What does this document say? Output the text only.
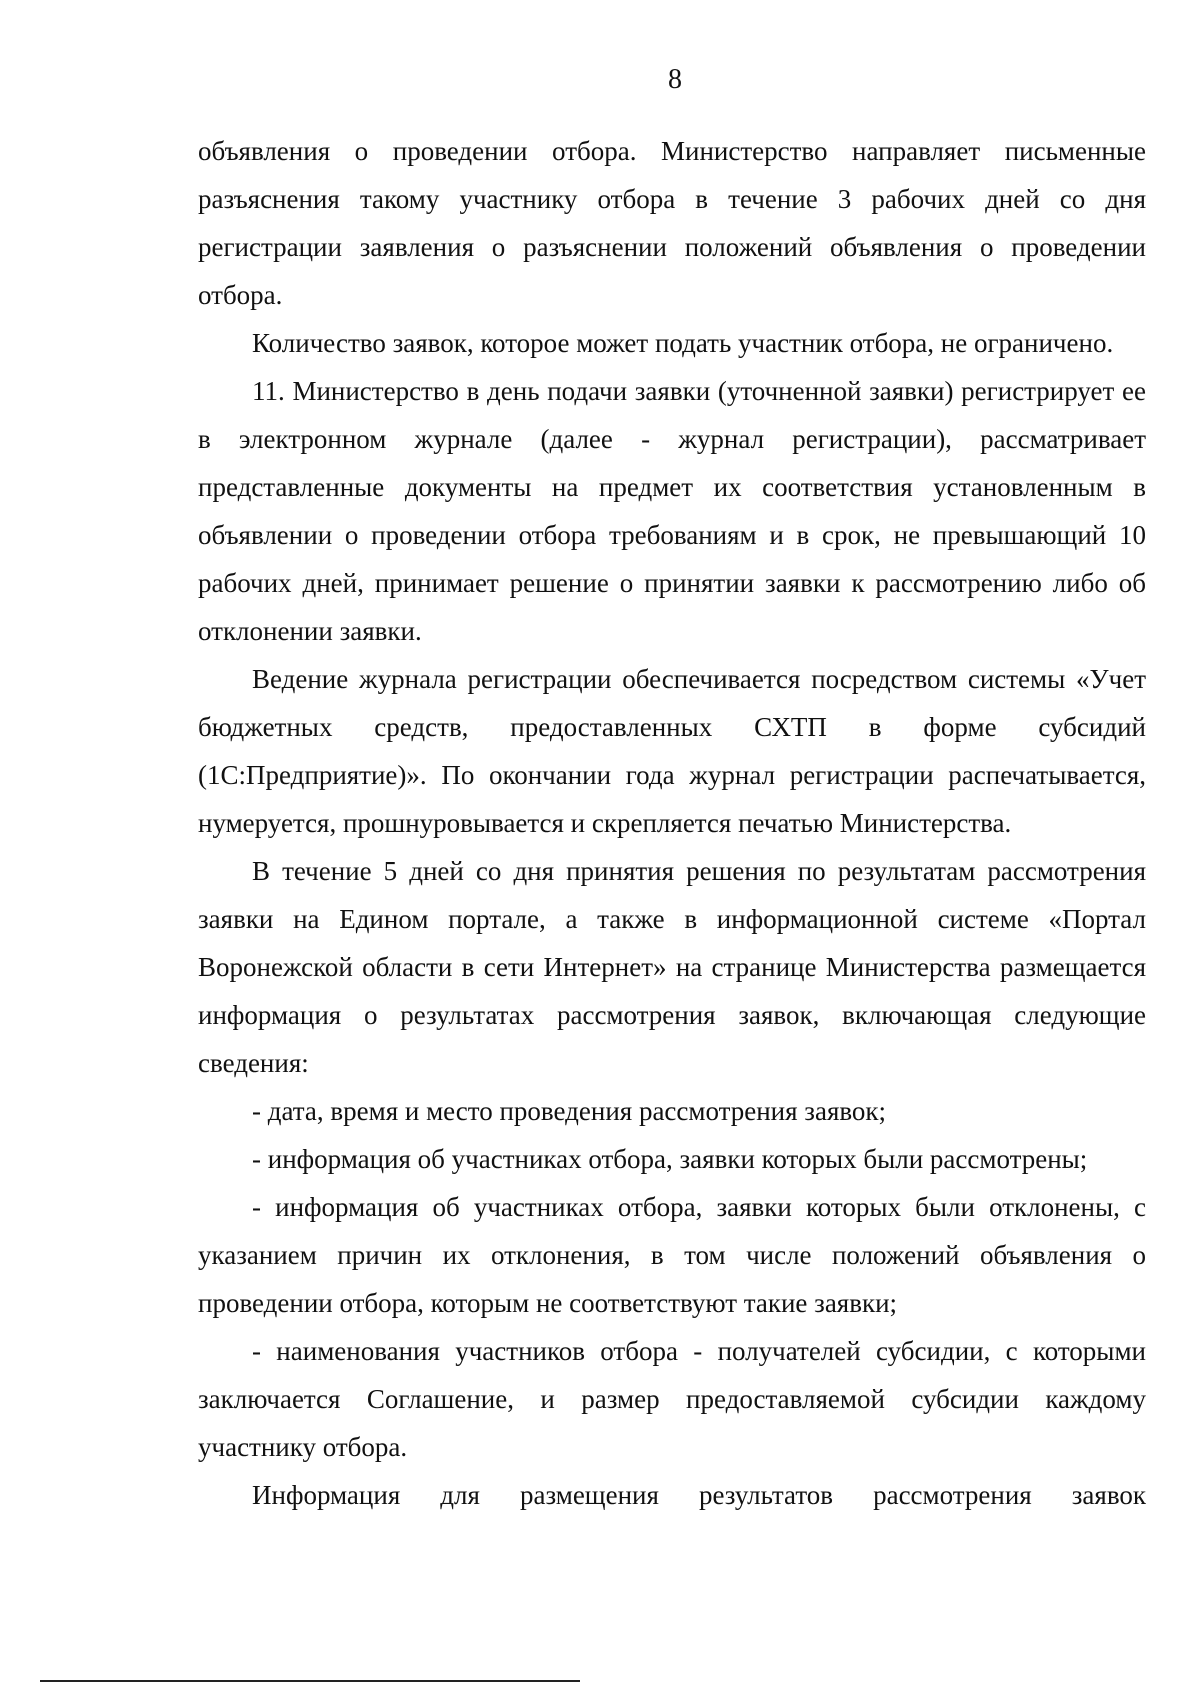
8

объявления о проведении отбора. Министерство направляет письменные разъяснения такому участнику отбора в течение 3 рабочих дней со дня регистрации заявления о разъяснении положений объявления о проведении отбора.

Количество заявок, которое может подать участник отбора, не ограничено.

11. Министерство в день подачи заявки (уточненной заявки) регистрирует ее в электронном журнале (далее - журнал регистрации), рассматривает представленные документы на предмет их соответствия установленным в объявлении о проведении отбора требованиям и в срок, не превышающий 10 рабочих дней, принимает решение о принятии заявки к рассмотрению либо об отклонении заявки.

Ведение журнала регистрации обеспечивается посредством системы «Учет бюджетных средств, предоставленных СХТП в форме субсидий (1С:Предприятие)». По окончании года журнал регистрации распечатывается, нумеруется, прошнуровывается и скрепляется печатью Министерства.

В течение 5 дней со дня принятия решения по результатам рассмотрения заявки на Едином портале, а также в информационной системе «Портал Воронежской области в сети Интернет» на странице Министерства размещается информация о результатах рассмотрения заявок, включающая следующие сведения:

- дата, время и место проведения рассмотрения заявок;

- информация об участниках отбора, заявки которых были рассмотрены;

- информация об участниках отбора, заявки которых были отклонены, с указанием причин их отклонения, в том числе положений объявления о проведении отбора, которым не соответствуют такие заявки;

- наименования участников отбора - получателей субсидии, с которыми заключается Соглашение, и размер предоставляемой субсидии каждому участнику отбора.

Информация для размещения результатов рассмотрения заявок
